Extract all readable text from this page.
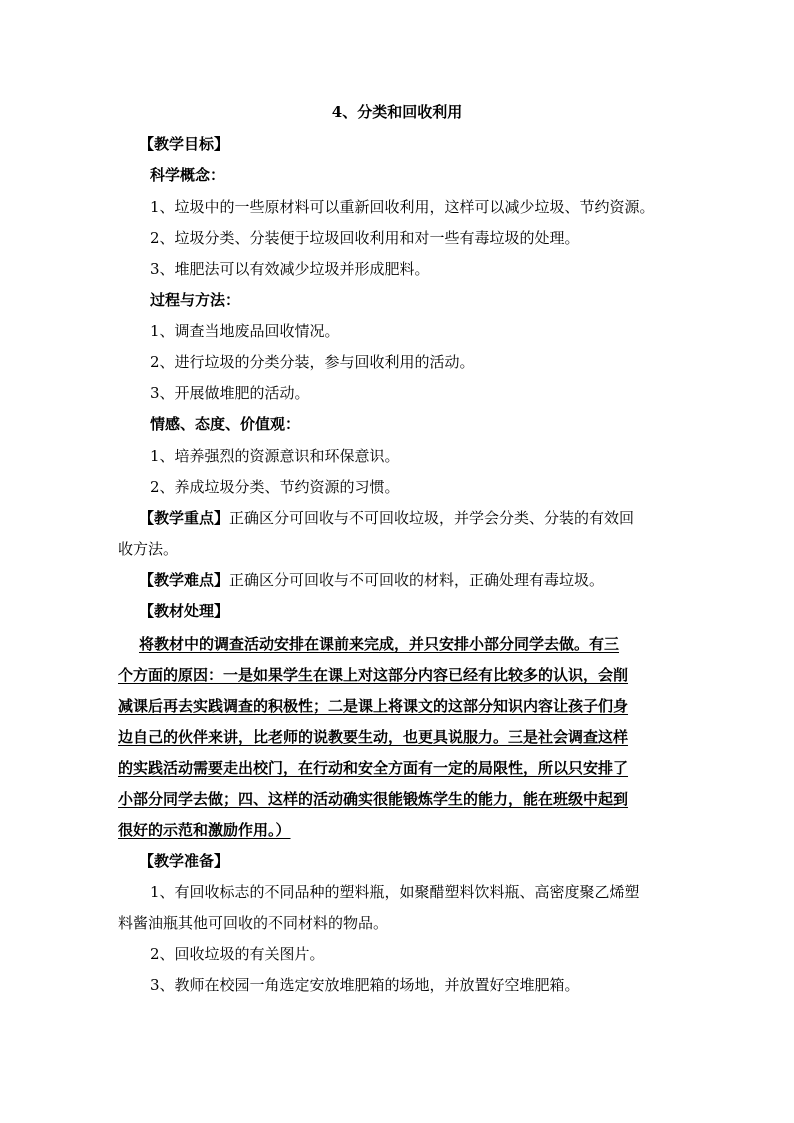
4、分类和回收利用
【教学目标】
科学概念：
1、垃圾中的一些原材料可以重新回收利用，这样可以减少垃圾、节约资源。
2、垃圾分类、分装便于垃圾回收利用和对一些有毒垃圾的处理。
3、堆肥法可以有效减少垃圾并形成肥料。
过程与方法：
1、调查当地废品回收情况。
2、进行垃圾的分类分装，参与回收利用的活动。
3、开展做堆肥的活动。
情感、态度、价值观：
1、培养强烈的资源意识和环保意识。
2、养成垃圾分类、节约资源的习惯。
【教学重点】正确区分可回收与不可回收垃圾，并学会分类、分装的有效回
收方法。
【教学难点】正确区分可回收与不可回收的材料，正确处理有毒垃圾。
【教材处理】
将教材中的调查活动安排在课前来完成，并只安排小部分同学去做。有三
个方面的原因：一是如果学生在课上对这部分内容已经有比较多的认识，会削
减课后再去实践调查的积极性；二是课上将课文的这部分知识内容让孩子们身
边自己的伙伴来讲，比老师的说教要生动，也更具说服力。三是社会调查这样
的实践活动需要走出校门，在行动和安全方面有一定的局限性，所以只安排了
小部分同学去做；四、这样的活动确实很能锻炼学生的能力，能在班级中起到
很好的示范和激励作用。）
【教学准备】
1、有回收标志的不同品种的塑料瓶，如聚醋塑料饮料瓶、高密度聚乙烯塑
料酱油瓶其他可回收的不同材料的物品。
2、回收垃圾的有关图片。
3、教师在校园一角选定安放堆肥箱的场地，并放置好空堆肥箱。
